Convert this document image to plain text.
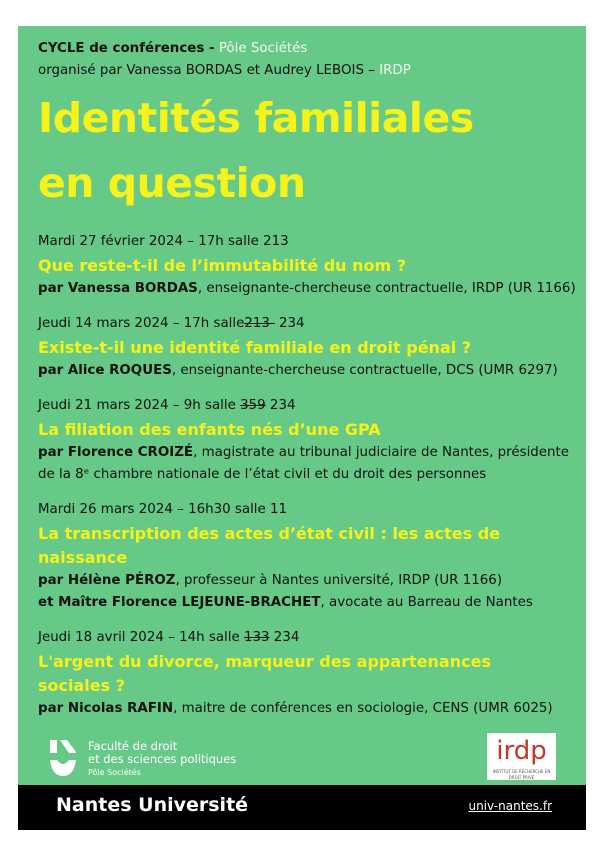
CYCLE de conférences - Pôle Sociétés
organisé par Vanessa BORDAS et Audrey LEBOIS – IRDP
Identités familiales
en question
Mardi 27 février 2024 – 17h salle 213
Que reste-t-il de l’immutabilité du nom ?
par Vanessa BORDAS, enseignante-chercheuse contractuelle, IRDP (UR 1166)
Jeudi 14 mars 2024 – 17h salle213- 234
Existe-t-il une identité familiale en droit pénal ?
par Alice ROQUES, enseignante-chercheuse contractuelle, DCS (UMR 6297)
Jeudi 21 mars 2024 – 9h salle 359 234
La filiation des enfants nés d’une GPA
par Florence CROIZÉ, magistrate au tribunal judiciaire de Nantes, présidente
de la 8ᵉ chambre nationale de l’état civil et du droit des personnes
Mardi 26 mars 2024 – 16h30 salle 11
La transcription des actes d’état civil : les actes de
naissance
par Hélène PÉROZ, professeur à Nantes université, IRDP (UR 1166)
et Maître Florence LEJEUNE-BRACHET, avocate au Barreau de Nantes
Jeudi 18 avril 2024 – 14h salle 133 234
L'argent du divorce, marqueur des appartenances
sociales ?
par Nicolas RAFIN, maitre de conférences en sociologie, CENS (UMR 6025)
Faculté de droit
et des sciences politiques
Pôle Sociétés
irdp
INSTITUT DE RECHERCHE EN DROIT PRIVÉ
Nantes Université	univ-nantes.fr
